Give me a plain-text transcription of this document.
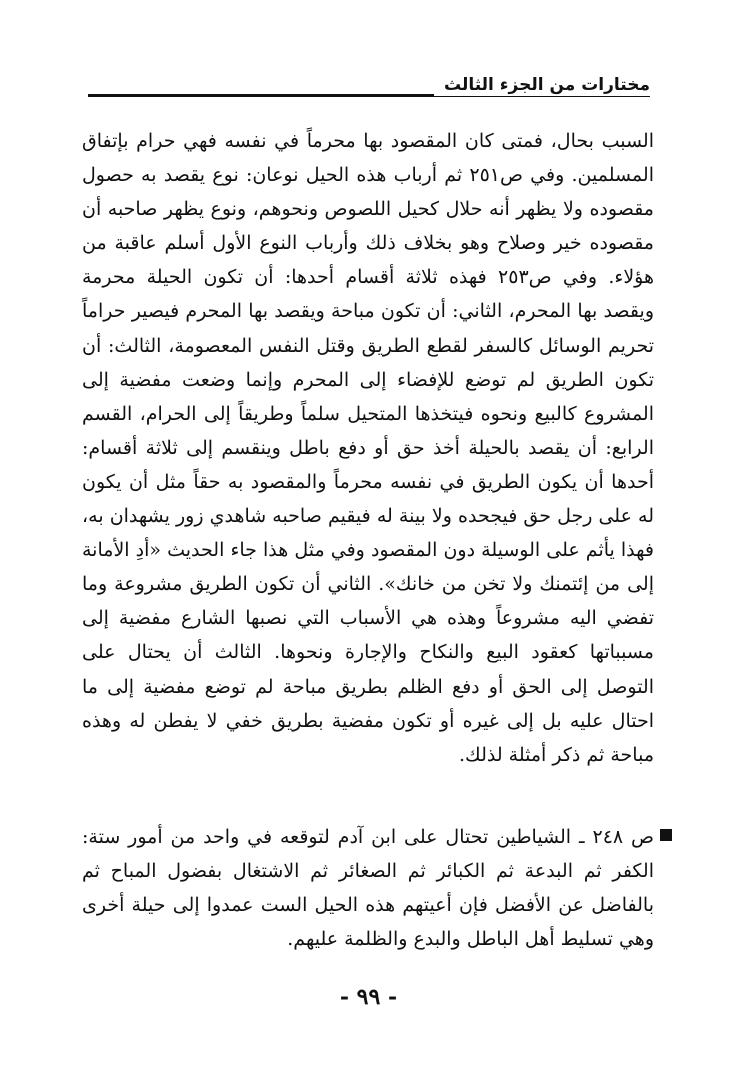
مختارات من الجزء الثالث

السبب بحال، فمتى كان المقصود بها محرماً في نفسه فهي حرام بإتفاق المسلمين. وفي ص٢٥١ ثم أرباب هذه الحيل نوعان: نوع يقصد به حصول مقصوده ولا يظهر أنه حلال كحيل اللصوص ونحوهم، ونوع يظهر صاحبه أن مقصوده خير وصلاح وهو بخلاف ذلك وأرباب النوع الأول أسلم عاقبة من هؤلاء. وفي ص٢٥٣ فهذه ثلاثة أقسام أحدها: أن تكون الحيلة محرمة ويقصد بها المحرم، الثاني: أن تكون مباحة ويقصد بها المحرم فيصير حراماً تحريم الوسائل كالسفر لقطع الطريق وقتل النفس المعصومة، الثالث: أن تكون الطريق لم توضع للإفضاء إلى المحرم وإنما وضعت مفضية إلى المشروع كالبيع ونحوه فيتخذها المتحيل سلماً وطريقاً إلى الحرام، القسم الرابع: أن يقصد بالحيلة أخذ حق أو دفع باطل وينقسم إلى ثلاثة أقسام: أحدها أن يكون الطريق في نفسه محرماً والمقصود به حقاً مثل أن يكون له على رجل حق فيجحده ولا بينة له فيقيم صاحبه شاهدي زور يشهدان به، فهذا يأثم على الوسيلة دون المقصود وفي مثل هذا جاء الحديث «أدِ الأمانة إلى من إئتمنك ولا تخن من خانك». الثاني أن تكون الطريق مشروعة وما تفضي اليه مشروعاً وهذه هي الأسباب التي نصبها الشارع مفضية إلى مسبباتها كعقود البيع والنكاح والإجارة ونحوها. الثالث أن يحتال على التوصل إلى الحق أو دفع الظلم بطريق مباحة لم توضع مفضية إلى ما احتال عليه بل إلى غيره أو تكون مفضية بطريق خفي لا يفطن له وهذه مباحة ثم ذكر أمثلة لذلك.

ص ٢٤٨ ـ الشياطين تحتال على ابن آدم لتوقعه في واحد من أمور ستة: الكفر ثم البدعة ثم الكبائر ثم الصغائر ثم الاشتغال بفضول المباح ثم بالفاضل عن الأفضل فإن أعيتهم هذه الحيل الست عمدوا إلى حيلة أخرى وهي تسليط أهل الباطل والبدع والظلمة عليهم.

- ٩٩ -
